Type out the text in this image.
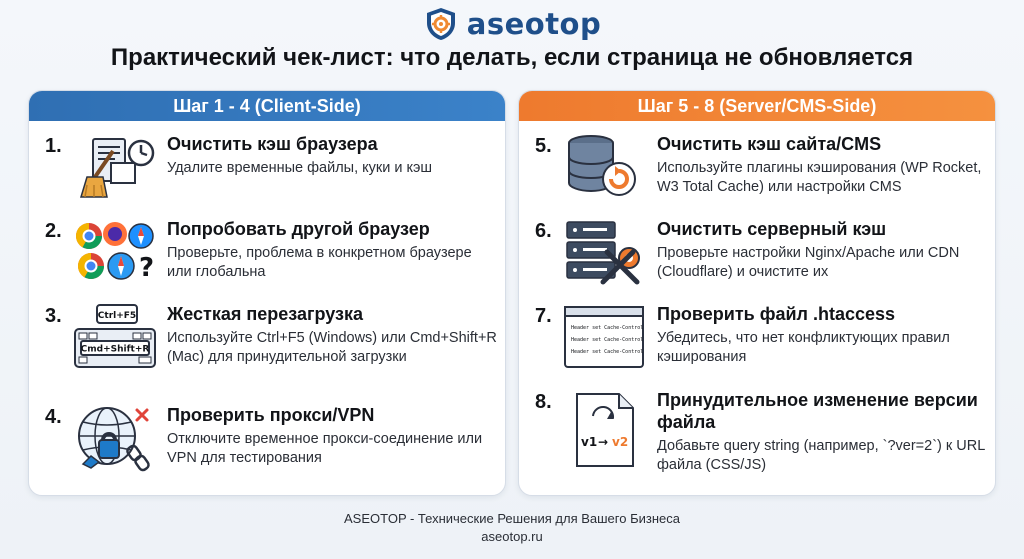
aseotop
Практический чек-лист: что делать, если страница не обновляется
Шаг 1 - 4 (Client-Side)
1.	Очистить кэш браузера
Удалите временные файлы, куки и кэш
2.
?
Попробовать другой браузер
Проверьте, проблема в конкретном браузере или глобальна
3.	Ctrl+F5
Cmd+Shift+R
Жесткая перезагрузка
Используйте Ctrl+F5 (Windows) или Cmd+Shift+R (Mac) для принудительной загрузки
4.	Проверить прокси/VPN
Отключите временное прокси-соединение или VPN для тестирования
Шаг 5 - 8 (Server/CMS-Side)
5.	Очистить кэш сайта/CMS
Используйте плагины кэширования (WP Rocket, W3 Total Cache) или настройки CMS
6.	Очистить серверный кэш
Проверьте настройки Nginx/Apache или CDN (Cloudflare) и очистите их
7.
Header set Cache-Control
Header set Cache-Control
Header set Cache-Control
Проверить файл .htaccess
Убедитесь, что нет конфликтующих правил кэширования
8.
v1 → v2
Принудительное изменение версии файла
Добавьте query string (например, `?ver=2`) к URL файла (CSS/JS)
ASEOTOP - Технические Решения для Вашего Бизнеса
aseotop.ru
